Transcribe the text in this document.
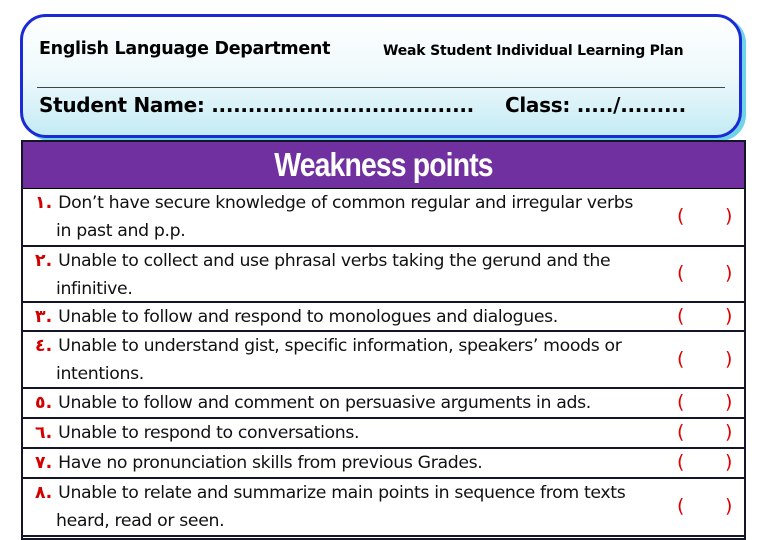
English Language Department	Weak Student Individual Learning Plan
Student Name: .................................... Class: ...../.........
Weakness points
١. Don’t have secure knowledge of common regular and irregular verbs
in past and p.p.
( )
٢. Unable to collect and use phrasal verbs taking the gerund and the
infinitive.
( )
٣. Unable to follow and respond to monologues and dialogues.	( )
٤. Unable to understand gist, specific information, speakers’ moods or
intentions.
( )
٥. Unable to follow and comment on persuasive arguments in ads.	( )
٦. Unable to respond to conversations.	( )
٧. Have no pronunciation skills from previous Grades.	( )
٨. Unable to relate and summarize main points in sequence from texts
heard, read or seen.
( )
